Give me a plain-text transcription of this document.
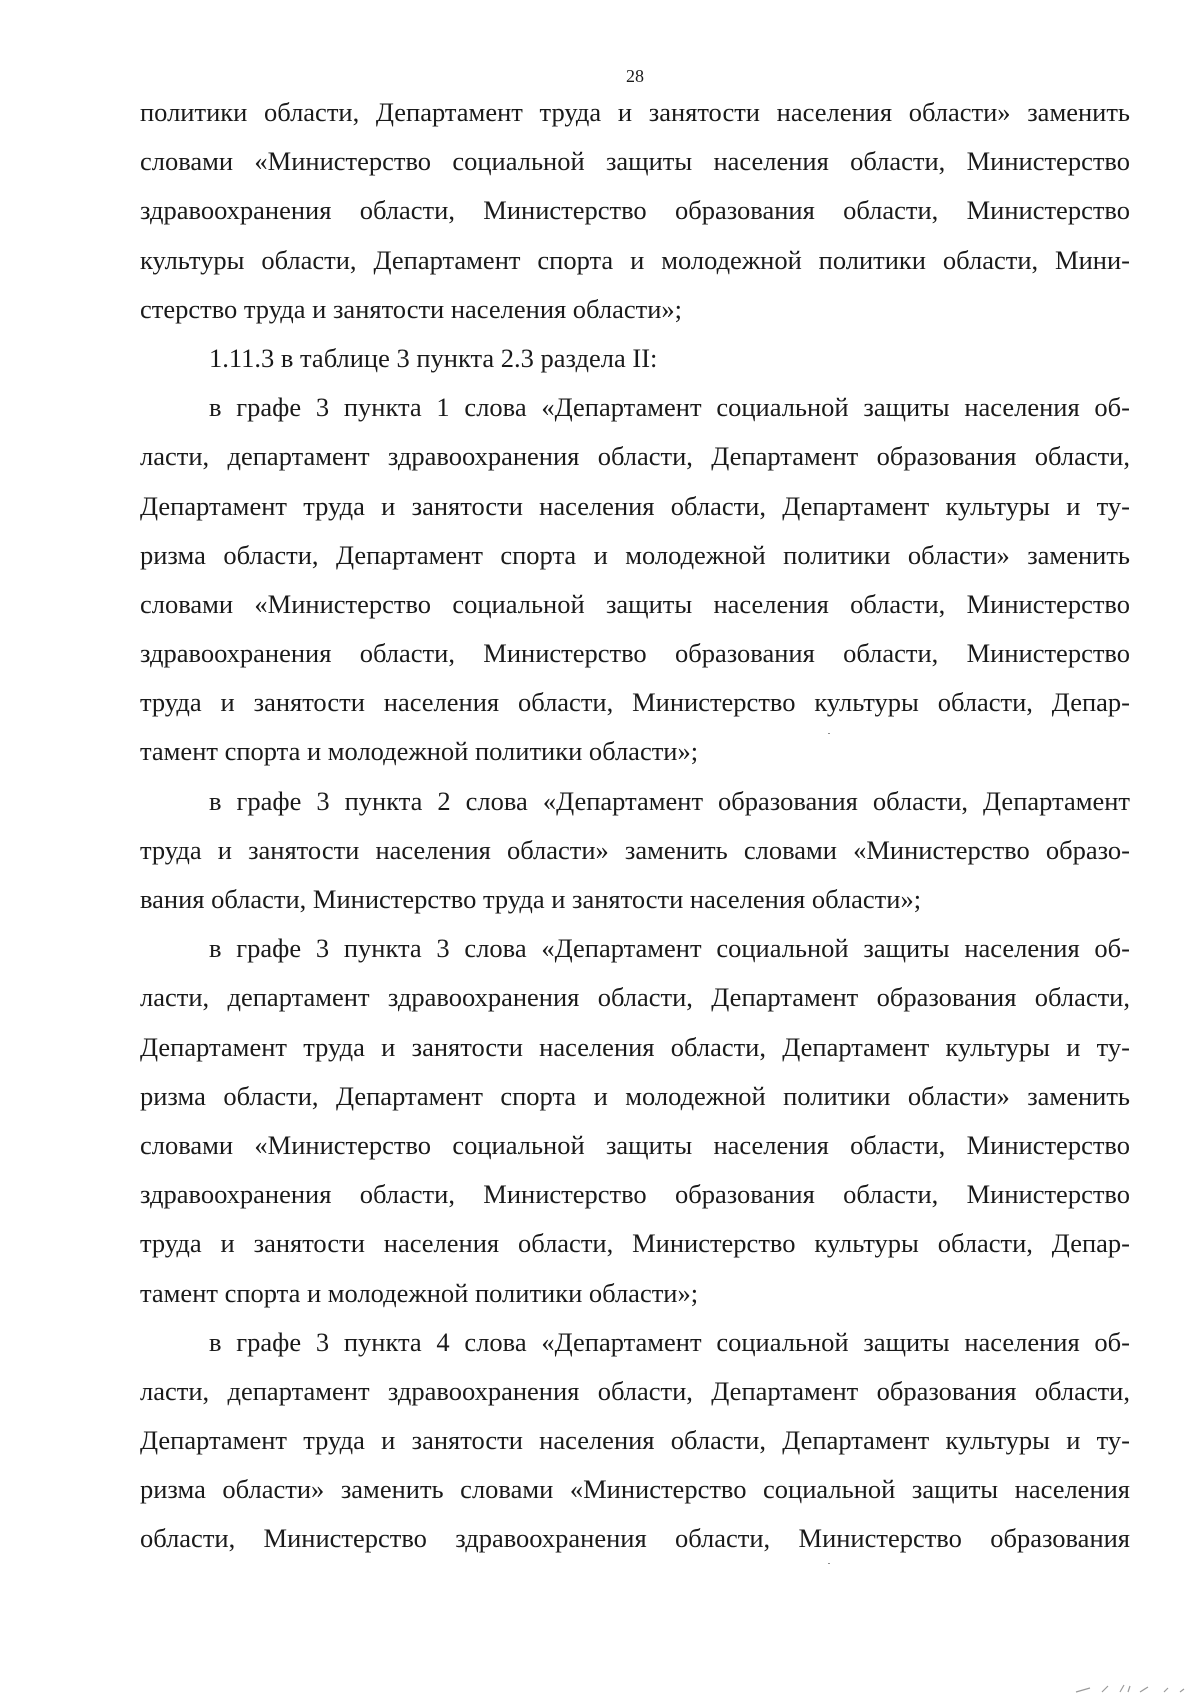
28
политики области, Департамент труда и занятости населения области» заменить
словами «Министерство социальной защиты населения области, Министерство
здравоохранения области, Министерство образования области, Министерство
культуры области, Департамент спорта и молодежной политики области, Мини-
стерство труда и занятости населения области»;
1.11.3 в таблице 3 пункта 2.3 раздела II:
в графе 3 пункта 1 слова «Департамент социальной защиты населения об-
ласти, департамент здравоохранения области, Департамент образования области,
Департамент труда и занятости населения области, Департамент культуры и ту-
ризма области, Департамент спорта и молодежной политики области» заменить
словами «Министерство социальной защиты населения области, Министерство
здравоохранения области, Министерство образования области, Министерство
труда и занятости населения области, Министерство культуры области, Депар-
тамент спорта и молодежной политики области»;
в графе 3 пункта 2 слова «Департамент образования области, Департамент
труда и занятости населения области» заменить словами «Министерство образо-
вания области, Министерство труда и занятости населения области»;
в графе 3 пункта 3 слова «Департамент социальной защиты населения об-
ласти, департамент здравоохранения области, Департамент образования области,
Департамент труда и занятости населения области, Департамент культуры и ту-
ризма области, Департамент спорта и молодежной политики области» заменить
словами «Министерство социальной защиты населения области, Министерство
здравоохранения области, Министерство образования области, Министерство
труда и занятости населения области, Министерство культуры области, Депар-
тамент спорта и молодежной политики области»;
в графе 3 пункта 4 слова «Департамент социальной защиты населения об-
ласти, департамент здравоохранения области, Департамент образования области,
Департамент труда и занятости населения области, Департамент культуры и ту-
ризма области» заменить словами «Министерство социальной защиты населения
области, Министерство здравоохранения области, Министерство образования
